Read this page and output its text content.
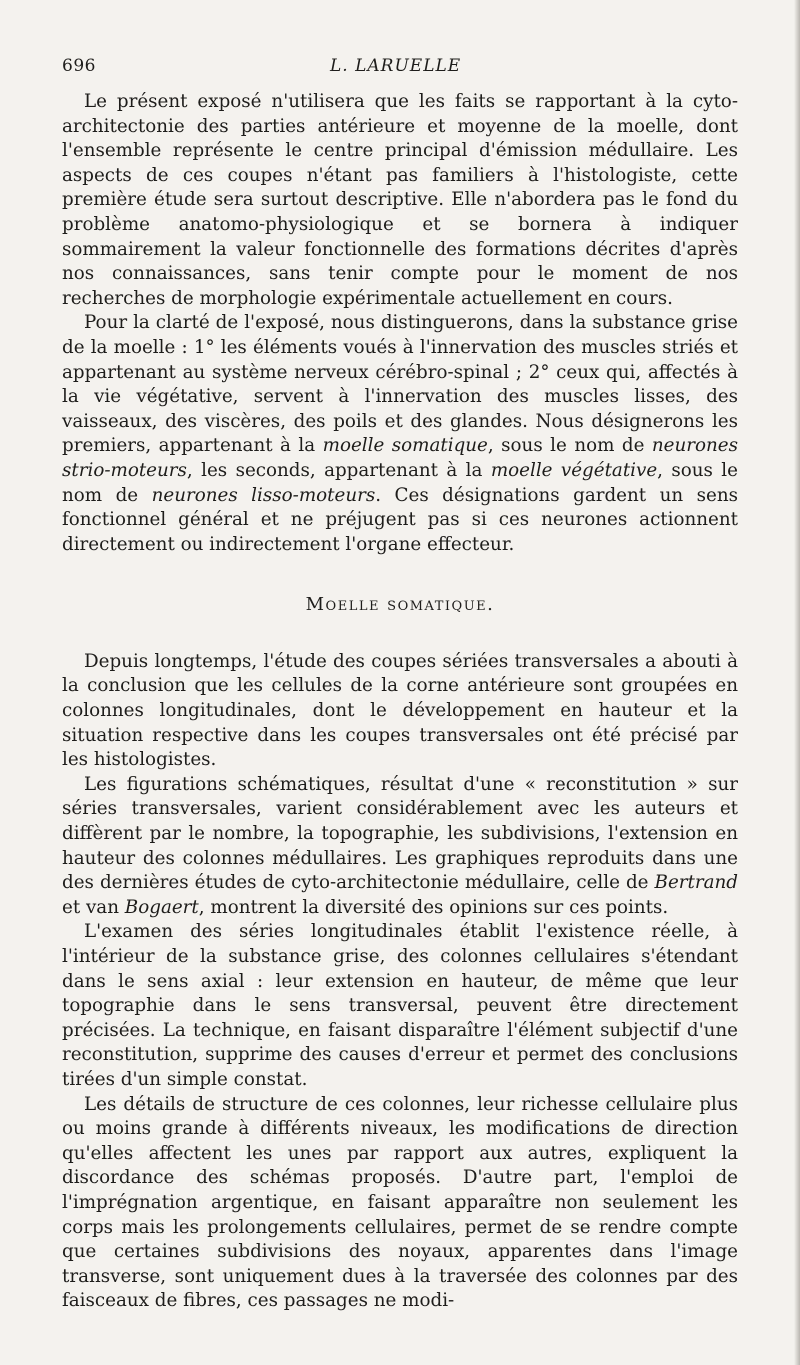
696	L. LARUELLE

Le présent exposé n'utilisera que les faits se rapportant à la cyto-architectonie des parties antérieure et moyenne de la moelle, dont l'ensemble représente le centre principal d'émission médullaire. Les aspects de ces coupes n'étant pas familiers à l'histologiste, cette première étude sera surtout descriptive. Elle n'abordera pas le fond du problème anatomo-physiologique et se bornera à indiquer sommairement la valeur fonctionnelle des formations décrites d'après nos connaissances, sans tenir compte pour le moment de nos recherches de morphologie expérimentale actuellement en cours.

Pour la clarté de l'exposé, nous distinguerons, dans la substance grise de la moelle : 1° les éléments voués à l'innervation des muscles striés et appartenant au système nerveux cérébro-spinal ; 2° ceux qui, affectés à la vie végétative, servent à l'innervation des muscles lisses, des vaisseaux, des viscères, des poils et des glandes. Nous désignerons les premiers, appartenant à la moelle somatique, sous le nom de neurones strio-moteurs, les seconds, appartenant à la moelle végétative, sous le nom de neurones lisso-moteurs. Ces désignations gardent un sens fonctionnel général et ne préjugent pas si ces neurones actionnent directement ou indirectement l'organe effecteur.

Moelle somatique.

Depuis longtemps, l'étude des coupes sériées transversales a abouti à la conclusion que les cellules de la corne antérieure sont groupées en colonnes longitudinales, dont le développement en hauteur et la situation respective dans les coupes transversales ont été précisé par les histologistes.

Les figurations schématiques, résultat d'une « reconstitution » sur séries transversales, varient considérablement avec les auteurs et diffèrent par le nombre, la topographie, les subdivisions, l'extension en hauteur des colonnes médullaires. Les graphiques reproduits dans une des dernières études de cyto-architectonie médullaire, celle de Bertrand et van Bogaert, montrent la diversité des opinions sur ces points.

L'examen des séries longitudinales établit l'existence réelle, à l'intérieur de la substance grise, des colonnes cellulaires s'étendant dans le sens axial : leur extension en hauteur, de même que leur topographie dans le sens transversal, peuvent être directement précisées. La technique, en faisant disparaître l'élément subjectif d'une reconstitution, supprime des causes d'erreur et permet des conclusions tirées d'un simple constat.

Les détails de structure de ces colonnes, leur richesse cellulaire plus ou moins grande à différents niveaux, les modifications de direction qu'elles affectent les unes par rapport aux autres, expliquent la discordance des schémas proposés. D'autre part, l'emploi de l'imprégnation argentique, en faisant apparaître non seulement les corps mais les prolongements cellulaires, permet de se rendre compte que certaines subdivisions des noyaux, apparentes dans l'image transverse, sont uniquement dues à la traversée des colonnes par des faisceaux de fibres, ces passages ne modi-
